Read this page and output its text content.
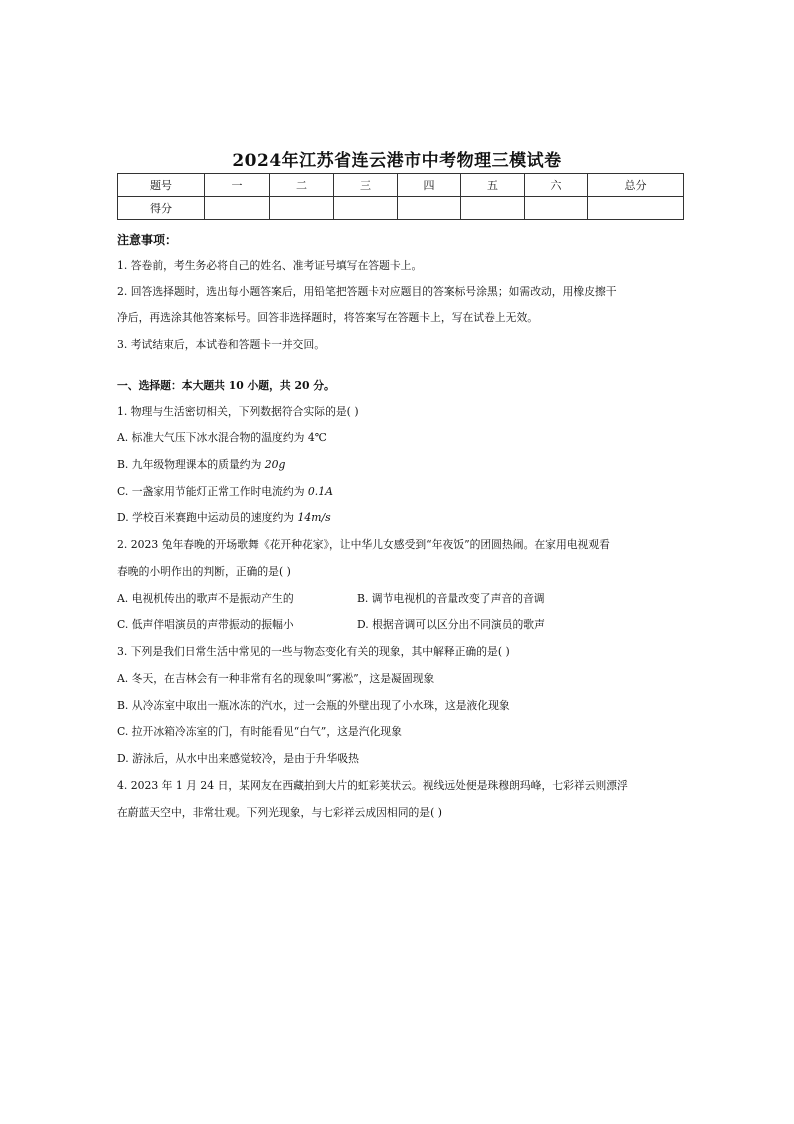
2024年江苏省连云港市中考物理三模试卷
题号	一	二	三	四	五	六	总分
得分							
注意事项：
1. 答卷前，考生务必将自己的姓名、准考证号填写在答题卡上。
2. 回答选择题时，选出每小题答案后，用铅笔把答题卡对应题目的答案标号涂黑；如需改动，用橡皮擦干
净后，再选涂其他答案标号。回答非选择题时，将答案写在答题卡上，写在试卷上无效。
3. 考试结束后，本试卷和答题卡一并交回。
一、选择题：本大题共 10 小题，共 20 分。
1. 物理与生活密切相关，下列数据符合实际的是( )
A. 标准大气压下冰水混合物的温度约为 4℃
B. 九年级物理课本的质量约为 20g
C. 一盏家用节能灯正常工作时电流约为 0.1A
D. 学校百米赛跑中运动员的速度约为 14m/s
2. 2023 兔年春晚的开场歌舞《花开种花家》，让中华儿女感受到“年夜饭”的团圆热闹。在家用电视观看
春晚的小明作出的判断，正确的是( )
A. 电视机传出的歌声不是振动产生的	B. 调节电视机的音量改变了声音的音调
C. 低声伴唱演员的声带振动的振幅小	D. 根据音调可以区分出不同演员的歌声
3. 下列是我们日常生活中常见的一些与物态变化有关的现象，其中解释正确的是( )
A. 冬天，在吉林会有一种非常有名的现象叫“雾凇”，这是凝固现象
B. 从冷冻室中取出一瓶冰冻的汽水，过一会瓶的外壁出现了小水珠，这是液化现象
C. 拉开冰箱冷冻室的门，有时能看见“白气”，这是汽化现象
D. 游泳后，从水中出来感觉较冷，是由于升华吸热
4. 2023 年 1 月 24 日，某网友在西藏拍到大片的虹彩荚状云。视线远处便是珠穆朗玛峰，七彩祥云则漂浮
在蔚蓝天空中，非常壮观。下列光现象，与七彩祥云成因相同的是( )
